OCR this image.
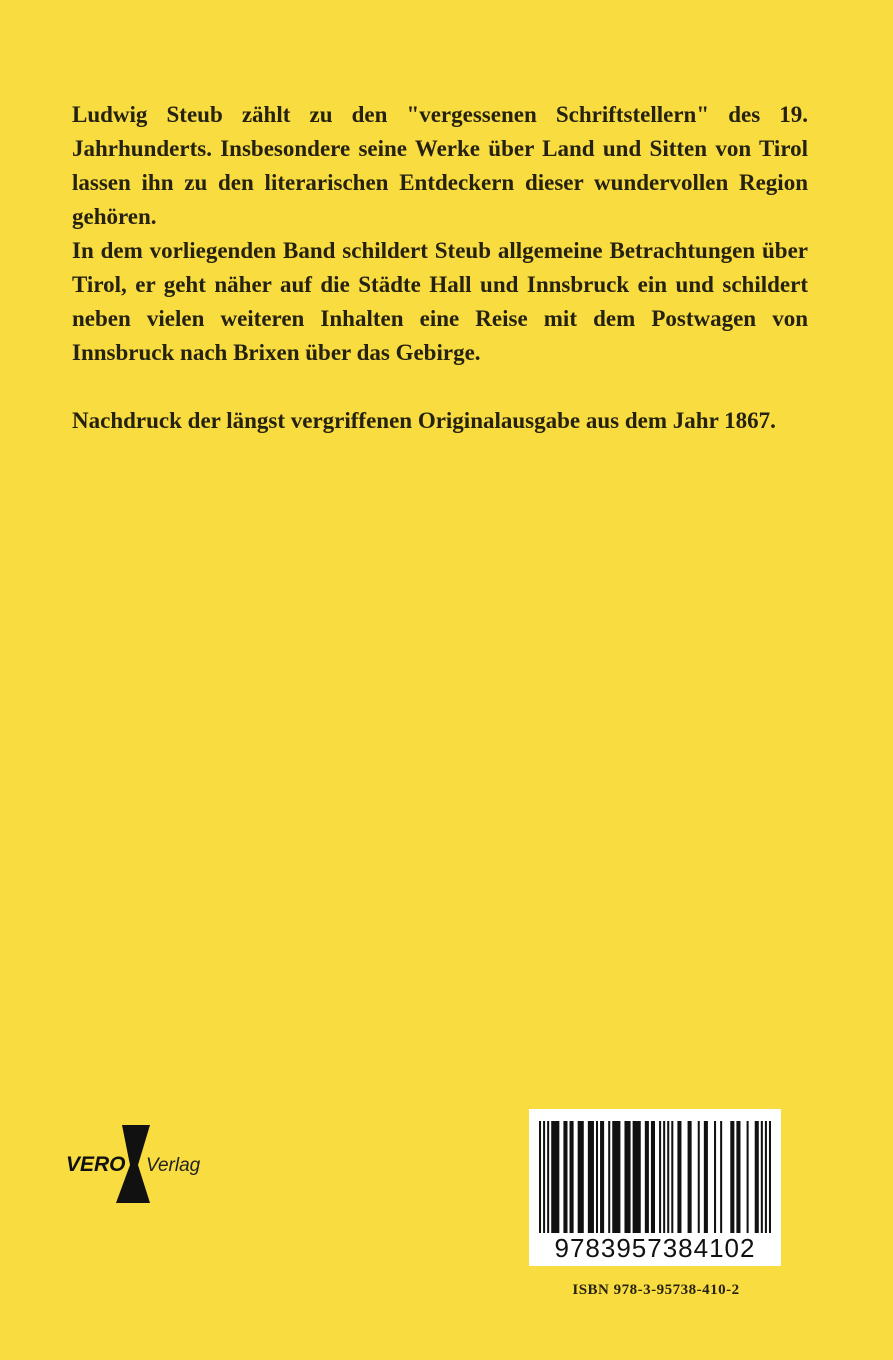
Ludwig Steub zählt zu den "vergessenen Schriftstellern" des 19. Jahrhunderts. Insbesondere seine Werke über Land und Sitten von Tirol lassen ihn zu den literarischen Entdeckern dieser wundervollen Region gehören.

In dem vorliegenden Band schildert Steub allgemeine Betrachtungen über Tirol, er geht näher auf die Städte Hall und Innsbruck ein und schildert neben vielen weiteren Inhalten eine Reise mit dem Postwagen von Innsbruck nach Brixen über das Gebirge.

Nachdruck der längst vergriffenen Originalausgabe aus dem Jahr 1867.

VERO Verlag
9783957384102
ISBN 978-3-95738-410-2
